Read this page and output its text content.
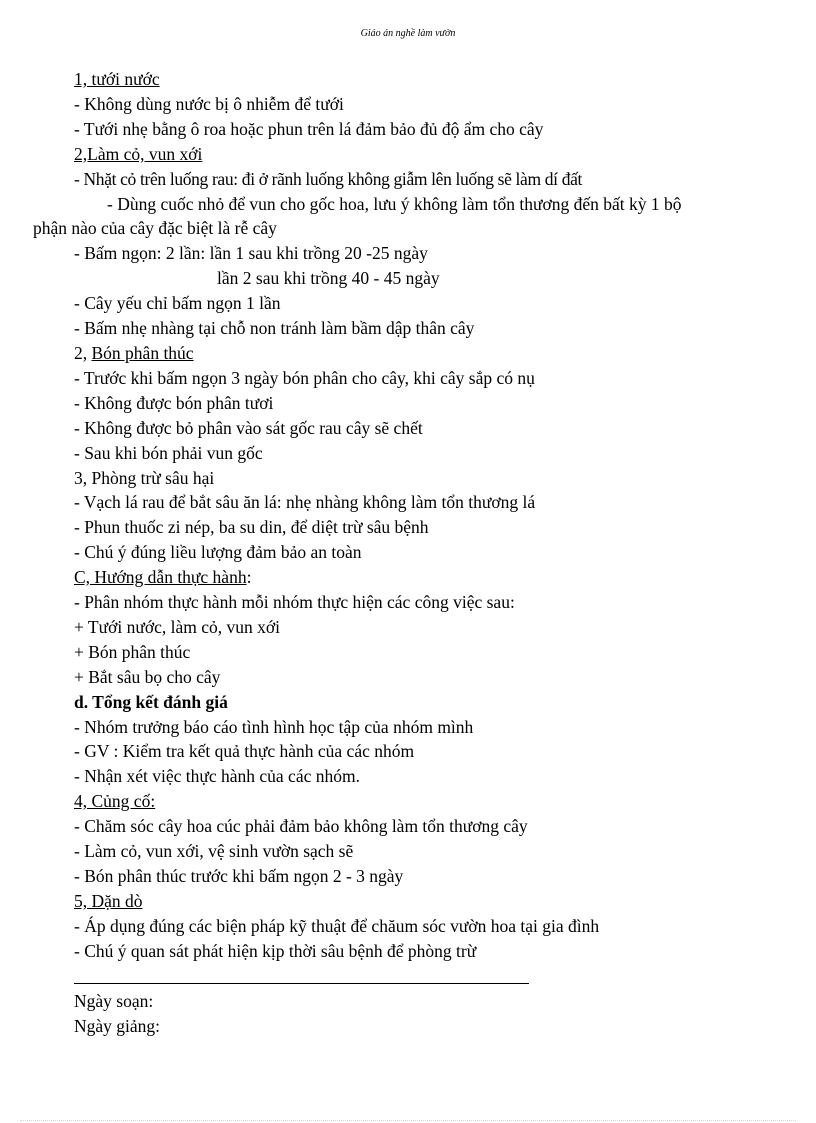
Giáo án nghề làm vườn
1, tưới nước
- Không dùng nước bị ô nhiễm để tưới
- Tưới nhẹ bằng ô roa hoặc phun trên lá đảm bảo đủ độ ẩm cho cây
2,Làm cỏ, vun xới
- Nhặt cỏ trên luống rau: đi ở rãnh luống không giẫm lên luống sẽ làm dí đất
- Dùng cuốc nhỏ để vun cho gốc hoa, lưu ý không làm tổn thương đến bất kỳ 1 bộ
phận nào của cây đặc biệt là rễ cây
- Bấm ngọn: 2 lần: lần 1 sau khi trồng 20 -25 ngày
lần 2 sau khi trồng 40 - 45 ngày
- Cây yếu chỉ bấm ngọn 1 lần
- Bấm nhẹ nhàng tại chỗ non tránh làm bầm dập thân cây
2, Bón phân thúc
- Trước khi bấm ngọn 3 ngày bón phân cho cây, khi cây sắp có nụ
- Không được bón phân tươi
- Không được bỏ phân vào sát gốc rau cây sẽ chết
- Sau khi bón phải vun gốc
3, Phòng trừ sâu hại
- Vạch lá rau để bắt sâu ăn lá: nhẹ nhàng không làm tổn thương lá
- Phun thuốc zi nép, ba su din, để diệt trừ sâu bệnh
- Chú ý đúng liều lượng đảm bảo an toàn
C, Hướng dẫn thực hành:
- Phân nhóm thực hành mỗi nhóm thực hiện các công việc sau:
+ Tưới nước, làm cỏ, vun xới
+ Bón phân thúc
+ Bắt sâu bọ cho cây
d. Tổng kết đánh giá
- Nhóm trưởng báo cáo tình hình học tập của nhóm mình
- GV : Kiểm tra kết quả thực hành của các nhóm
- Nhận xét việc thực hành của các nhóm.
4, Củng cố:
- Chăm sóc cây hoa cúc phải đảm bảo không làm tổn thương cây
- Làm cỏ, vun xới, vệ sinh vườn sạch sẽ
- Bón phân thúc trước khi bấm ngọn 2 - 3 ngày
5, Dặn dò
- Áp dụng đúng các biện pháp kỹ thuật để chăum sóc vườn hoa tại gia đình
- Chú ý quan sát phát hiện kịp thời sâu bệnh để phòng trừ
Ngày soạn:
Ngày giảng:
